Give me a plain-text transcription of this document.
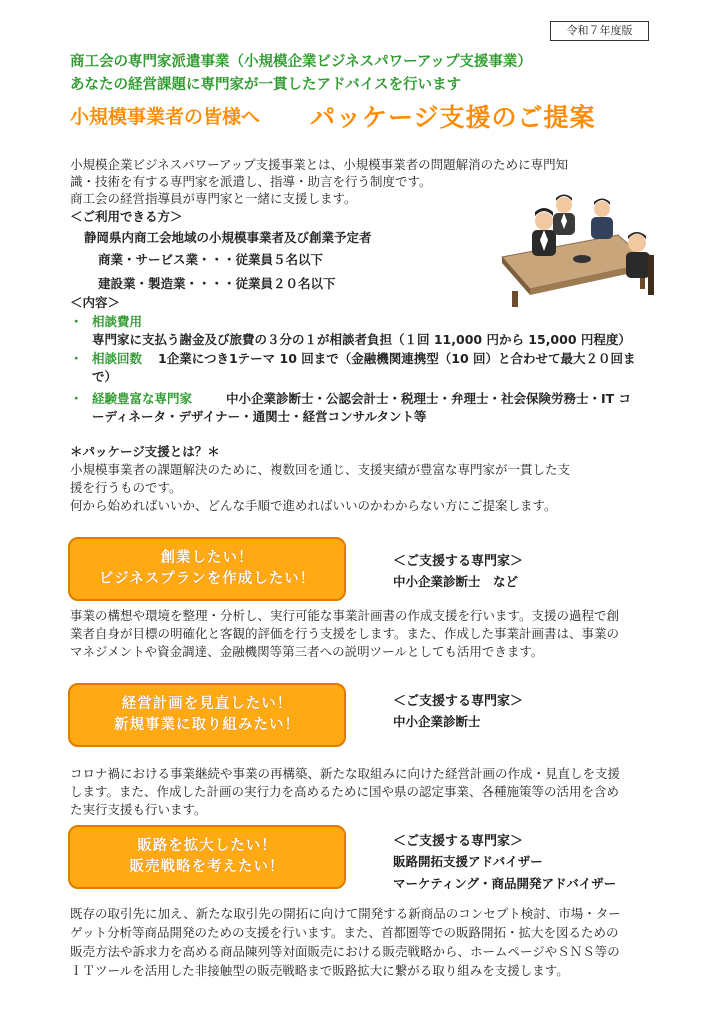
令和７年度版
商工会の専門家派遣事業（小規模企業ビジネスパワーアップ支援事業）
あなたの経営課題に専門家が一貫したアドバイスを行います
小規模事業者の皆様へ パッケージ支援のご提案
小規模企業ビジネスパワーアップ支援事業とは、小規模事業者の問題解消のために専門知
識・技術を有する専門家を派遣し、指導・助言を行う制度です。
商工会の経営指導員が専門家と一緒に支援します。
＜ご利用できる方＞
静岡県内商工会地域の小規模事業者及び創業予定者
商業・サービス業・・・従業員５名以下
建設業・製造業・・・・従業員２０名以下
＜内容＞
・ 相談費用
専門家に支払う謝金及び旅費の３分の１が相談者負担（１回 11,000 円から 15,000 円程度）
・ 相談回数 1企業につき1テーマ 10 回まで（金融機関連携型（10 回）と合わせて最大２０回ま
で）
・ 経験豊富な専門家	中小企業診断士・公認会計士・税理士・弁理士・社会保険労務士・IT コ
ーディネータ・デザイナー・通関士・経営コンサルタント等
＊パッケージ支援とは？＊
小規模事業者の課題解決のために、複数回を通じ、支援実績が豊富な専門家が一貫した支
援を行うものです。
何から始めればいいか、どんな手順で進めればいいのかわからない方にご提案します。
創業したい！
ビジネスプランを作成したい！
＜ご支援する専門家＞
中小企業診断士　など
事業の構想や環境を整理・分析し、実行可能な事業計画書の作成支援を行います。支援の過程で創
業者自身が目標の明確化と客観的評価を行う支援をします。また、作成した事業計画書は、事業の
マネジメントや資金調達、金融機関等第三者への説明ツールとしても活用できます。
経営計画を見直したい！
新規事業に取り組みたい！
＜ご支援する専門家＞
中小企業診断士
コロナ禍における事業継続や事業の再構築、新たな取組みに向けた経営計画の作成・見直しを支援
します。また、作成した計画の実行力を高めるために国や県の認定事業、各種施策等の活用を含め
た実行支援も行います。
販路を拡大したい！
販売戦略を考えたい！
＜ご支援する専門家＞
販路開拓支援アドバイザー
マーケティング・商品開発アドバイザー
既存の取引先に加え、新たな取引先の開拓に向けて開発する新商品のコンセプト検討、市場・ター
ゲット分析等商品開発のための支援を行います。また、首都圏等での販路開拓・拡大を図るための
販売方法や訴求力を高める商品陳列等対面販売における販売戦略から、ホームページやＳＮＳ等の
ＩＴツールを活用した非接触型の販売戦略まで販路拡大に繋がる取り組みを支援します。
